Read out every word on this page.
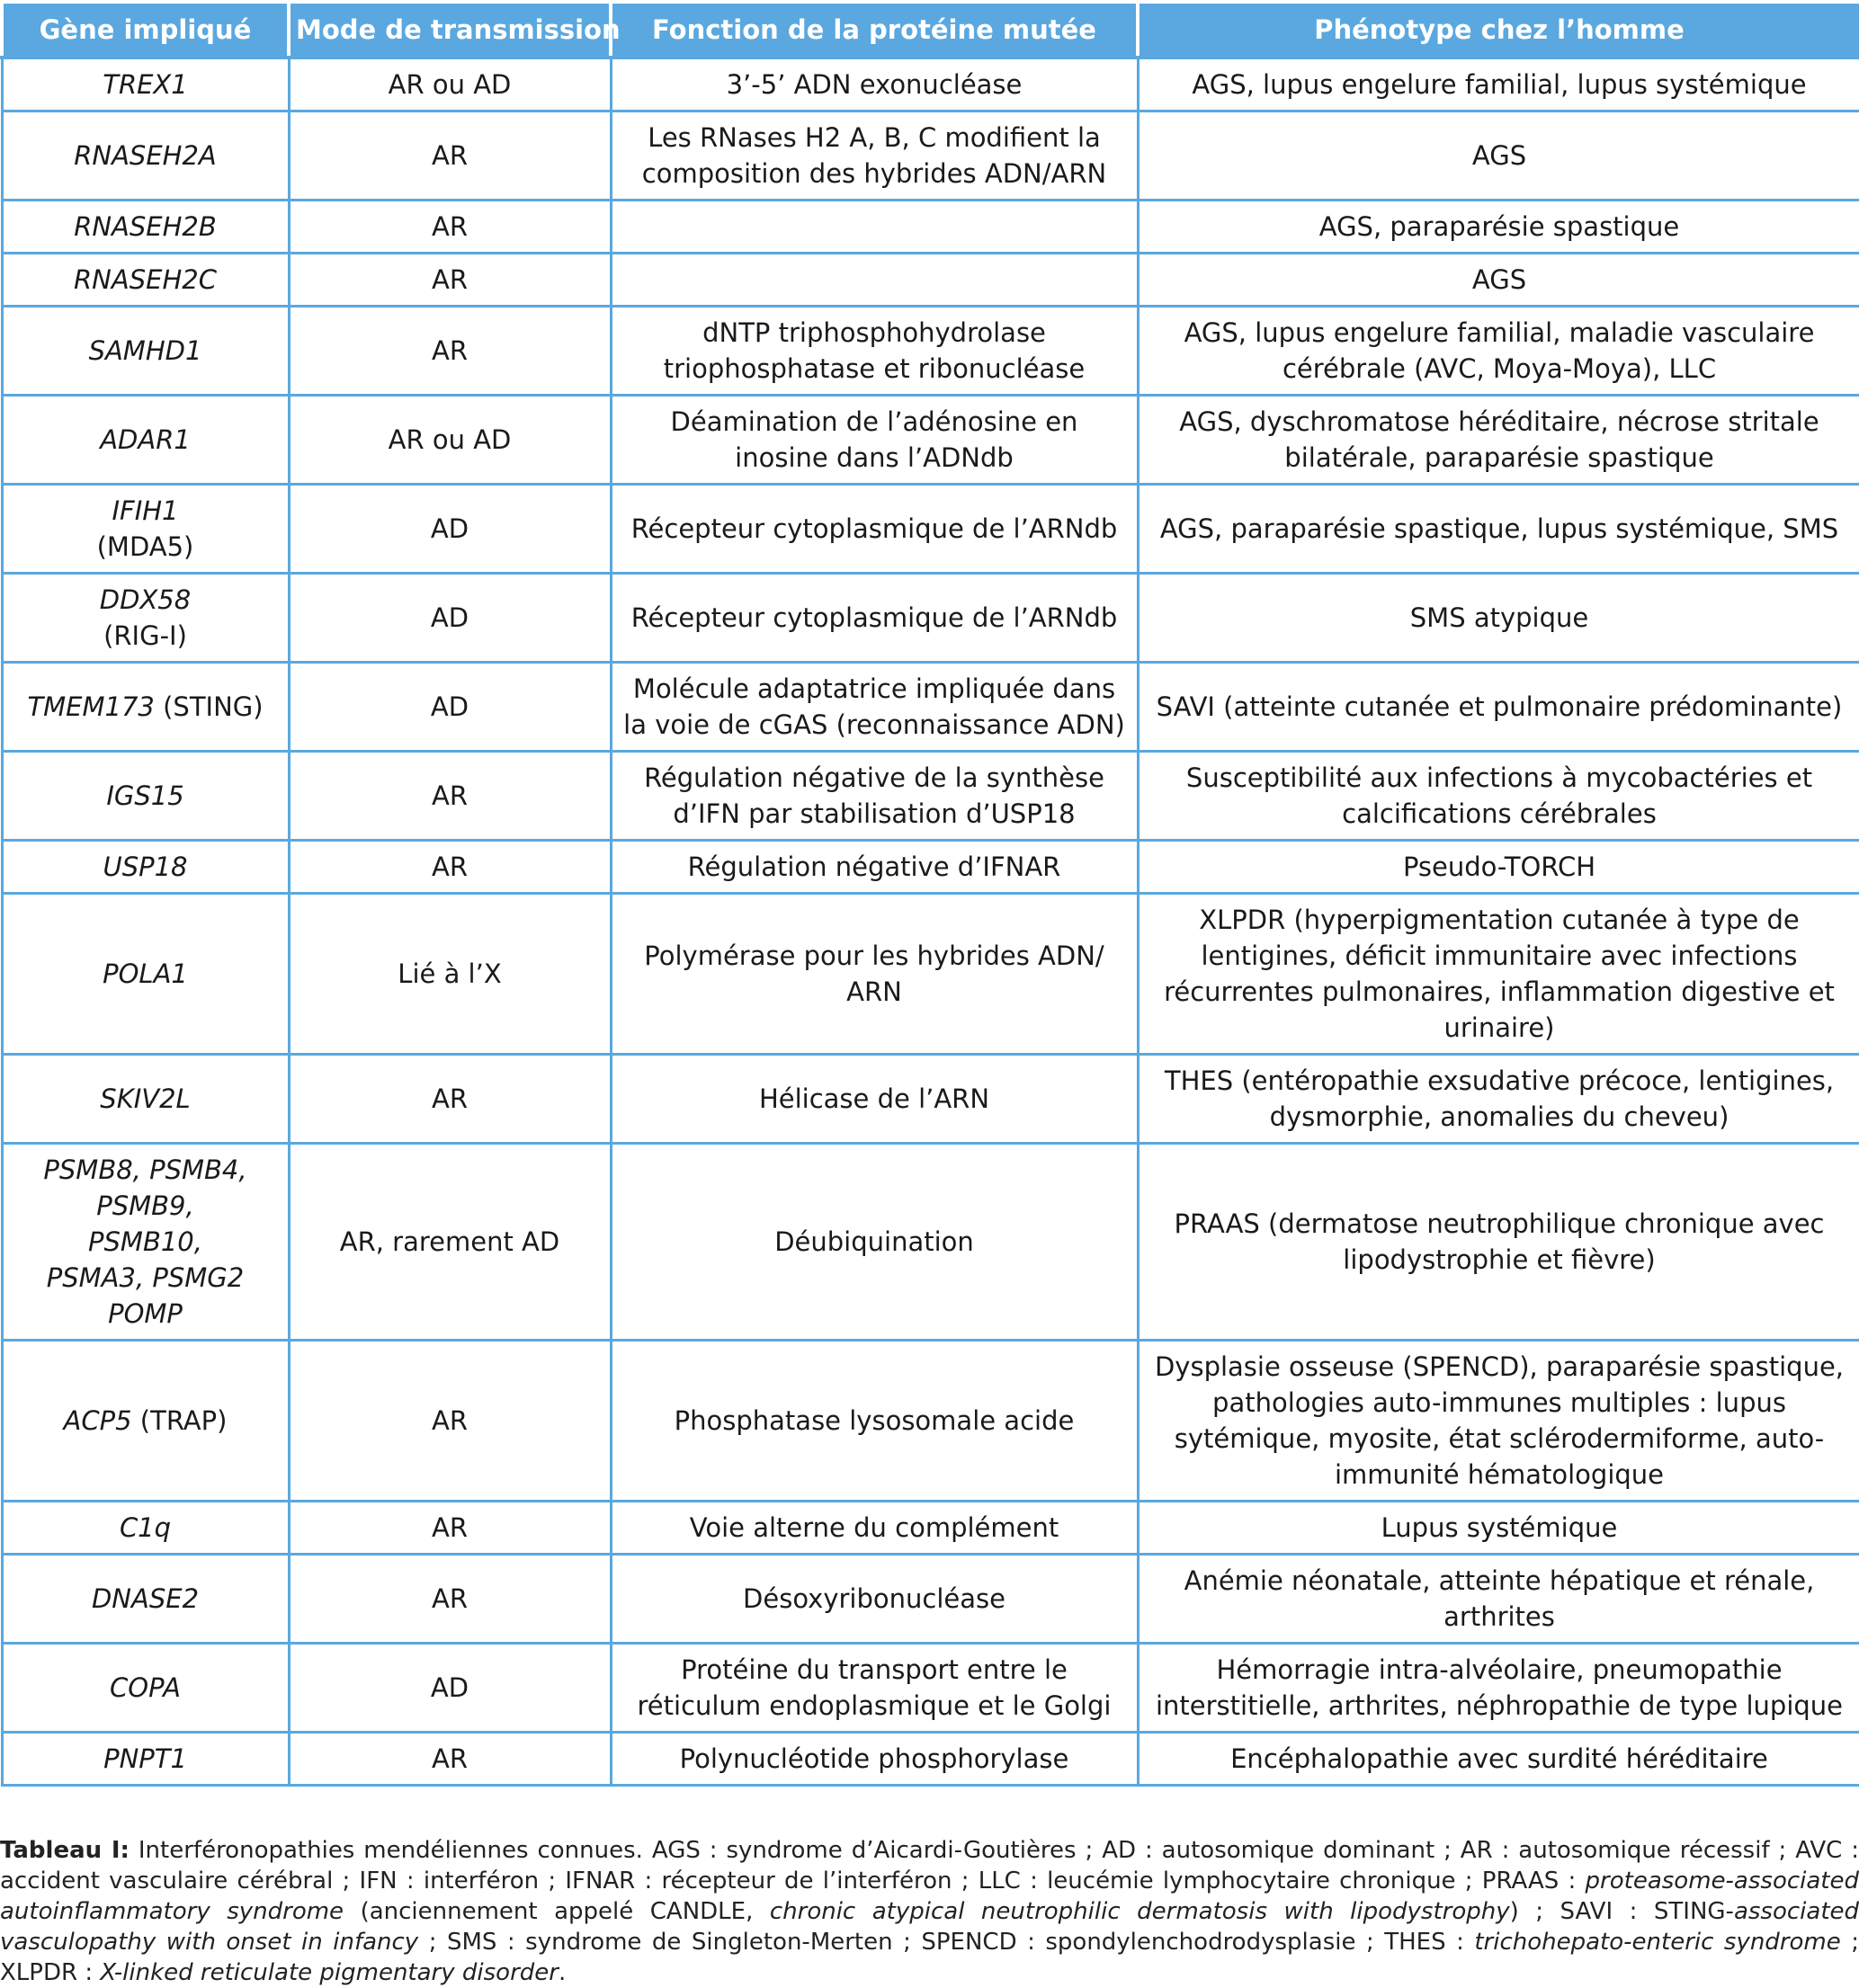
Gène impliqué	Mode de transmission	Fonction de la protéine mutée	Phénotype chez l’homme

TREX1	AR ou AD	3’-5’ ADN exonucléase	AGS, lupus engelure familial, lupus systémique

RNASEH2A	AR	Les RNases H2 A, B, C modifient la composition des hybrides ADN/ARN	AGS

RNASEH2B	AR		AGS, paraparésie spastique

RNASEH2C	AR		AGS

SAMHD1	AR	dNTP triphosphohydrolase triophosphatase et ribonucléase	AGS, lupus engelure familial, maladie vasculaire cérébrale (AVC, Moya-Moya), LLC

ADAR1	AR ou AD	Déamination de l’adénosine en inosine dans l’ADNdb	AGS, dyschromatose héréditaire, nécrose stritale bilatérale, paraparésie spastique

IFIH1
(MDA5)	AD	Récepteur cytoplasmique de l’ARNdb	AGS, paraparésie spastique, lupus systémique, SMS

DDX58
(RIG-I)	AD	Récepteur cytoplasmique de l’ARNdb	SMS atypique

TMEM173 (STING)	AD	Molécule adaptatrice impliquée dans la voie de cGAS (reconnaissance ADN)	SAVI (atteinte cutanée et pulmonaire prédominante)

IGS15	AR	Régulation négative de la synthèse d’IFN par stabilisation d’USP18	Susceptibilité aux infections à mycobactéries et calcifications cérébrales

USP18	AR	Régulation négative d’IFNAR	Pseudo-TORCH

POLA1	Lié à l’X	Polymérase pour les hybrides ADN/ ARN	XLPDR (hyperpigmentation cutanée à type de lentigines, déficit immunitaire avec infections récurrentes pulmonaires, inflammation digestive et urinaire)

SKIV2L	AR	Hélicase de l’ARN	THES (entéropathie exsudative précoce, lentigines, dysmorphie, anomalies du cheveu)

PSMB8, PSMB4,
PSMB9,
PSMB10,
PSMA3, PSMG2
POMP	AR, rarement AD	Déubiquination	PRAAS (dermatose neutrophilique chronique avec lipodystrophie et fièvre)

ACP5 (TRAP)	AR	Phosphatase lysosomale acide	Dysplasie osseuse (SPENCD), paraparésie spastique, pathologies auto-immunes multiples : lupus sytémique, myosite, état sclérodermiforme, auto-immunité hématologique

C1q	AR	Voie alterne du complément	Lupus systémique

DNASE2	AR	Désoxyribonucléase	Anémie néonatale, atteinte hépatique et rénale, arthrites

COPA	AD	Protéine du transport entre le réticulum endoplasmique et le Golgi	Hémorragie intra-alvéolaire, pneumopathie interstitielle, arthrites, néphropathie de type lupique

PNPT1	AR	Polynucléotide phosphorylase	Encéphalopathie avec surdité héréditaire
Tableau I: Interféronopathies mendéliennes connues. AGS : syndrome d’Aicardi-Goutières ; AD : autosomique dominant ; AR : autosomique récessif ; AVC : accident vasculaire cérébral ; IFN : interféron ; IFNAR : récepteur de l’interféron ; LLC : leucémie lymphocytaire chronique ; PRAAS : proteasome-associated autoinflammatory syndrome (anciennement appelé CANDLE, chronic atypical neutrophilic dermatosis with lipodystrophy) ; SAVI : STING-associated vasculopathy with onset in infancy ; SMS : syndrome de Singleton-Merten ; SPENCD : spondylenchodrodysplasie ; THES : trichohepato-enteric syndrome ; XLPDR : X-linked reticulate pigmentary disorder.
